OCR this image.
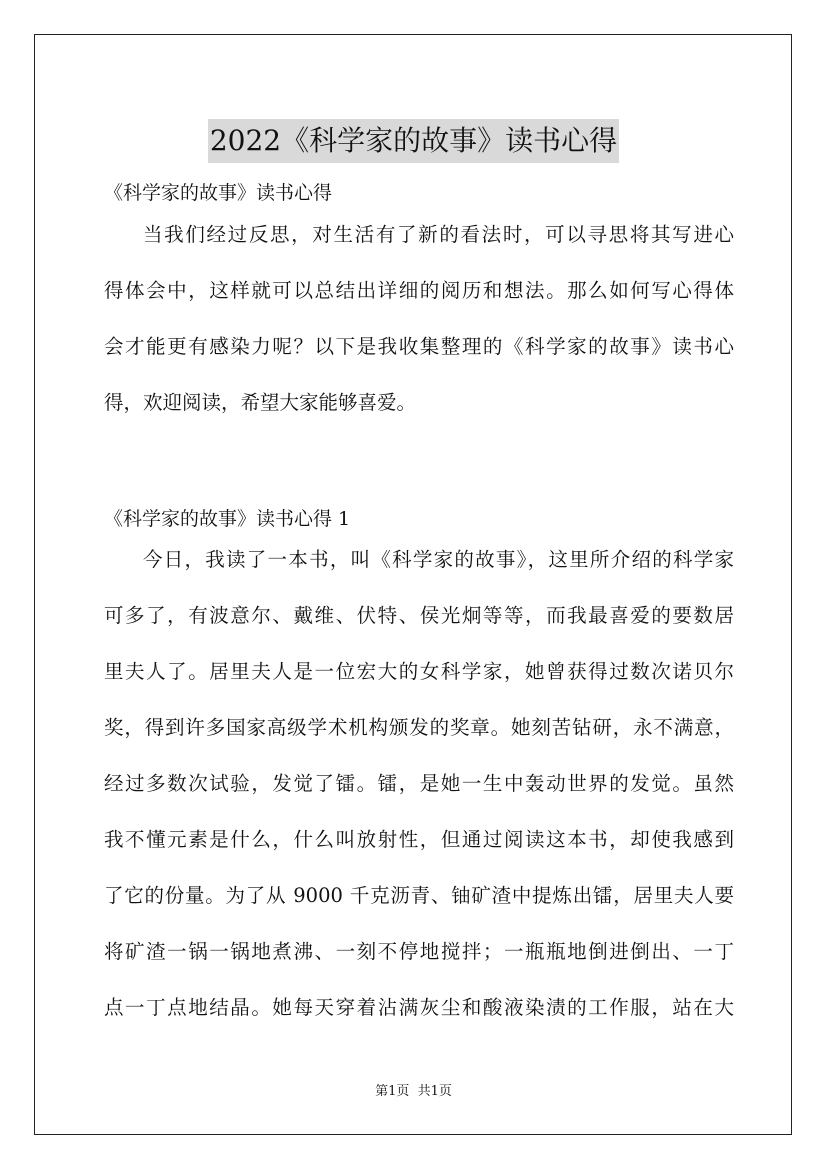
2022《科学家的故事》读书心得
《科学家的故事》读书心得
当我们经过反思，对生活有了新的看法时，可以寻思将其写进心
得体会中，这样就可以总结出详细的阅历和想法。那么如何写心得体
会才能更有感染力呢？以下是我收集整理的《科学家的故事》读书心
得，欢迎阅读，希望大家能够喜爱。
《科学家的故事》读书心得 1
今日，我读了一本书，叫《科学家的故事》，这里所介绍的科学家
可多了，有波意尔、戴维、伏特、侯光炯等等，而我最喜爱的要数居
里夫人了。居里夫人是一位宏大的女科学家，她曾获得过数次诺贝尔
奖，得到许多国家高级学术机构颁发的奖章。她刻苦钻研，永不满意，
经过多数次试验，发觉了镭。镭，是她一生中轰动世界的发觉。虽然
我不懂元素是什么，什么叫放射性，但通过阅读这本书，却使我感到
了它的份量。为了从 9000 千克沥青、铀矿渣中提炼出镭，居里夫人要
将矿渣一锅一锅地煮沸、一刻不停地搅拌；一瓶瓶地倒进倒出、一丁
点一丁点地结晶。她每天穿着沾满灰尘和酸液染渍的工作服，站在大
第1页  共1页
